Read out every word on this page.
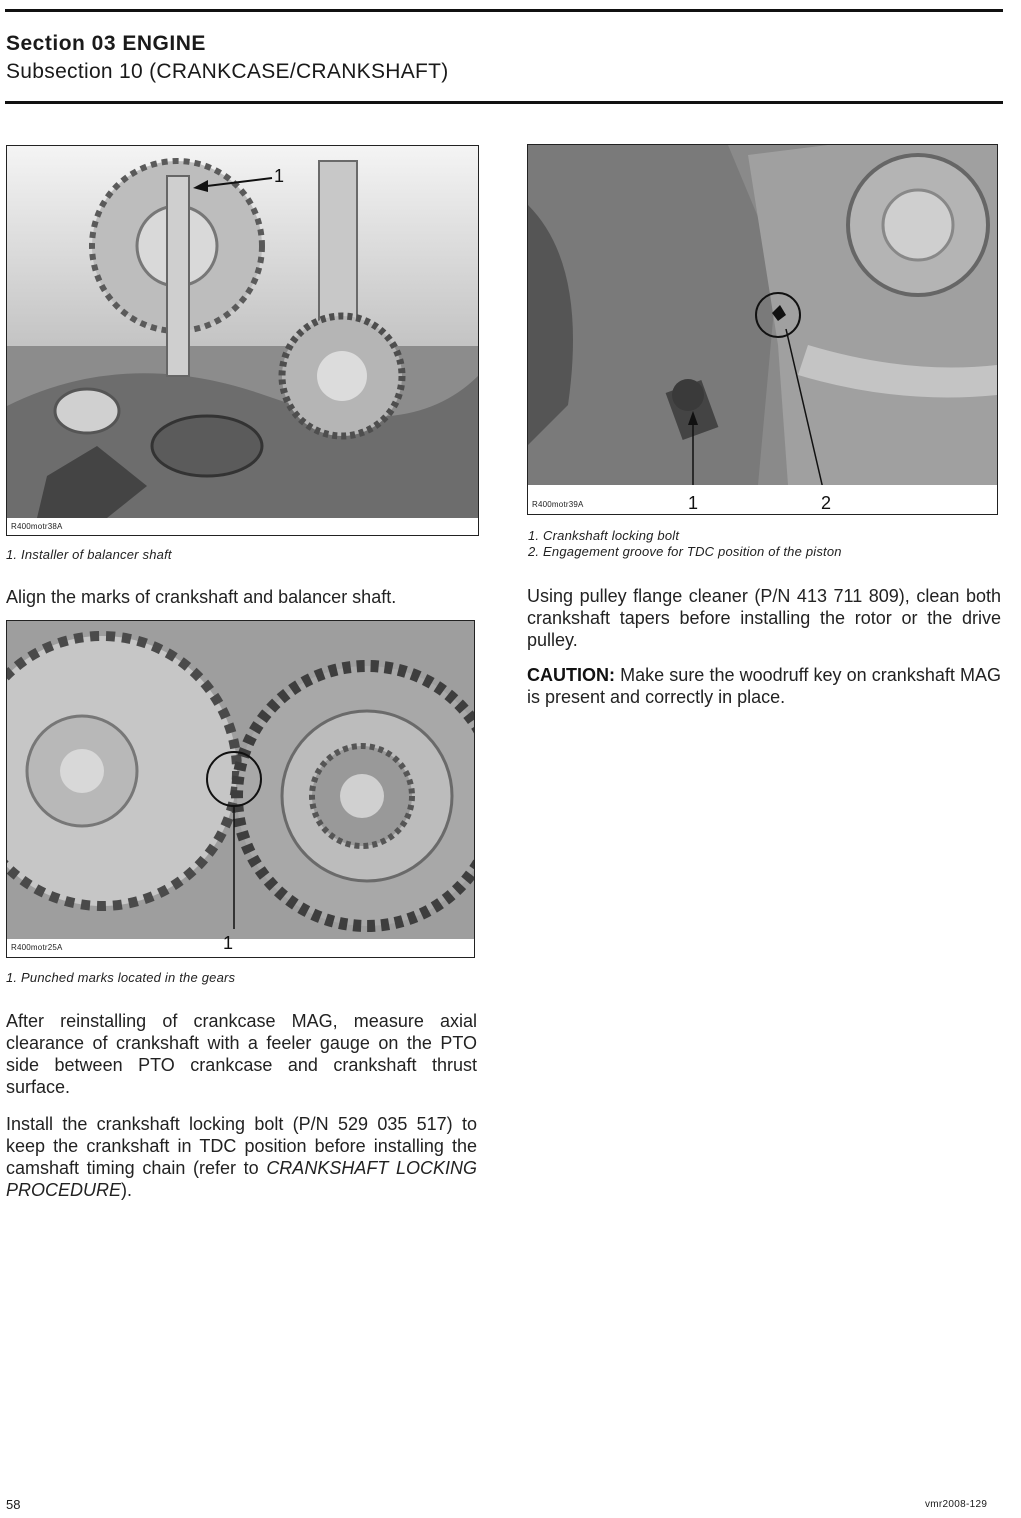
Section 03 ENGINE
Subsection 10 (CRANKCASE/CRANKSHAFT)
R400motr38A
1
1. Installer of balancer shaft
Align the marks of crankshaft and balancer shaft.
R400motr25A	1
1. Punched marks located in the gears
After reinstalling of crankcase MAG, measure axial clearance of crankshaft with a feeler gauge on the PTO side between PTO crankcase and crankshaft thrust surface.
Install the crankshaft locking bolt (P/N 529 035 517) to keep the crankshaft in TDC position before installing the camshaft timing chain (refer to CRANKSHAFT LOCKING PROCEDURE).
R400motr39A	1	2
1. Crankshaft locking bolt
2. Engagement groove for TDC position of the piston
Using pulley flange cleaner (P/N 413 711 809), clean both crankshaft tapers before installing the rotor or the drive pulley.
CAUTION: Make sure the woodruff key on crankshaft MAG is present and correctly in place.
58	vmr2008-129
